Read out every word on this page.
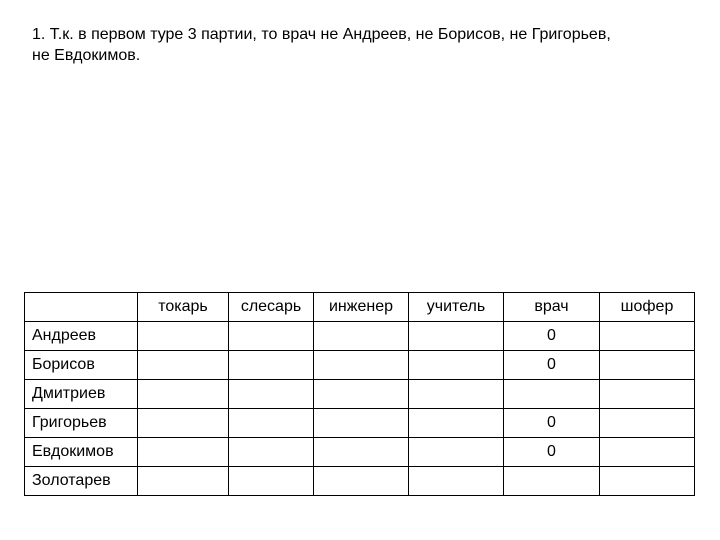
1. Т.к. в первом туре 3 партии, то врач не Андреев, не Борисов, не Григорьев, не Евдокимов.
	токарь	слесарь	инженер	учитель	врач	шофер
Андреев					0	
Борисов					0	
Дмитриев						
Григорьев					0	
Евдокимов					0	
Золотарев						
